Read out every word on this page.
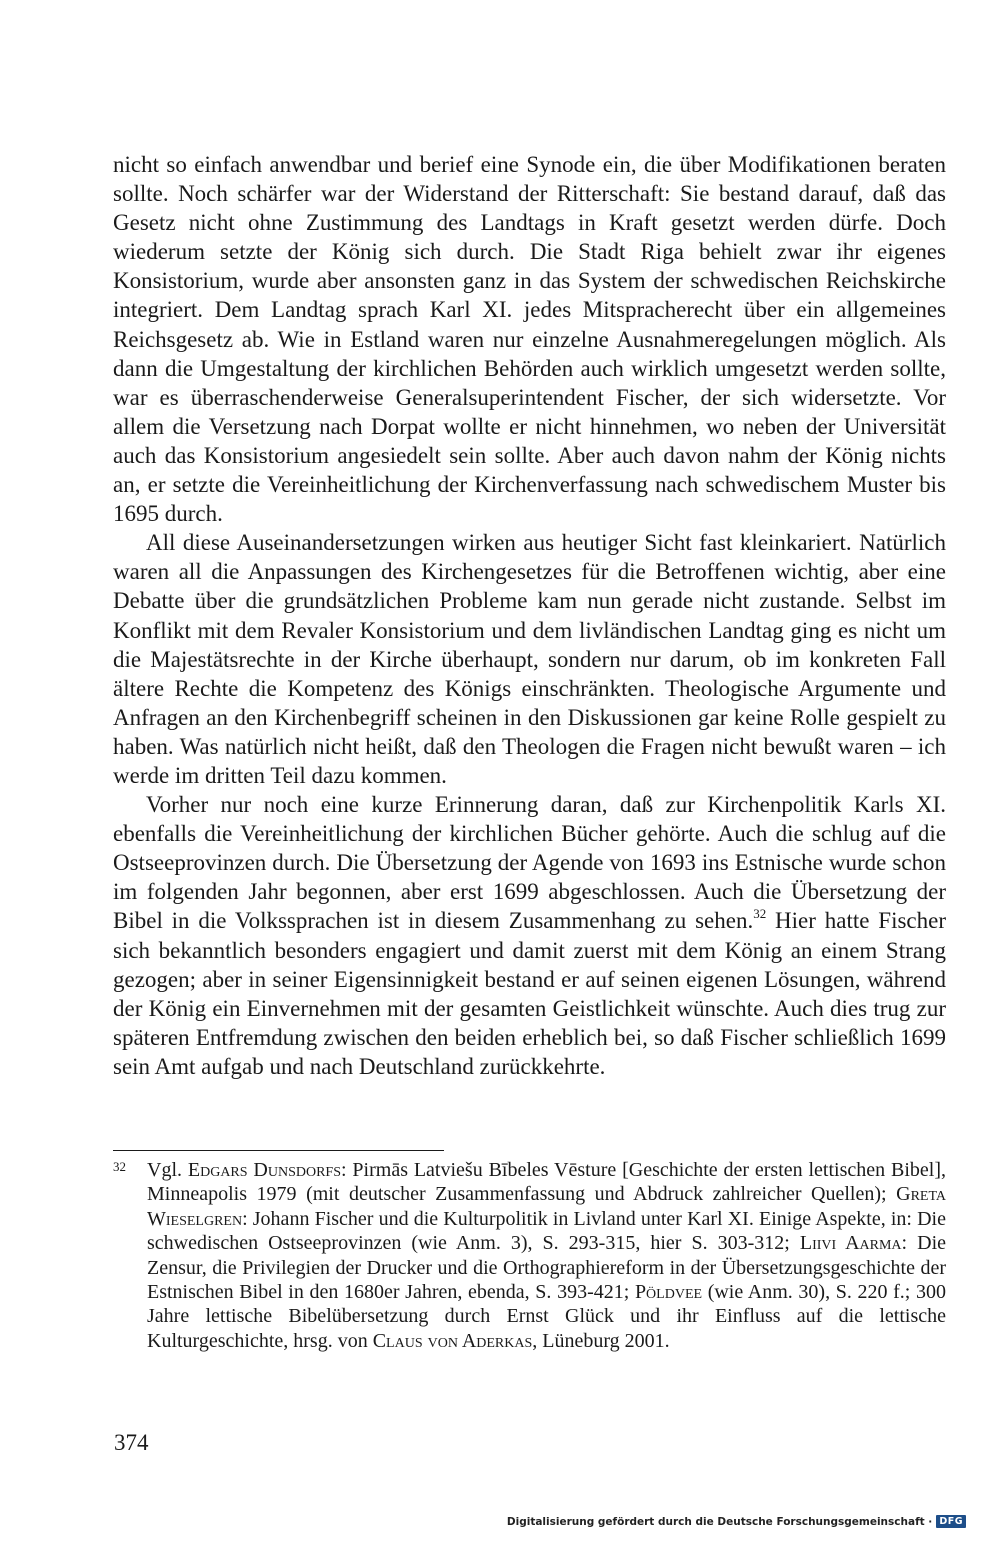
nicht so einfach anwendbar und berief eine Synode ein, die über Modifikationen beraten sollte. Noch schärfer war der Widerstand der Ritterschaft: Sie bestand darauf, daß das Gesetz nicht ohne Zustimmung des Landtags in Kraft gesetzt werden dürfe. Doch wiederum setzte der König sich durch. Die Stadt Riga behielt zwar ihr eigenes Konsistorium, wurde aber ansonsten ganz in das System der schwedischen Reichskirche integriert. Dem Landtag sprach Karl XI. jedes Mitspracherecht über ein allgemeines Reichsgesetz ab. Wie in Estland waren nur einzelne Ausnahmeregelungen möglich. Als dann die Umgestaltung der kirchlichen Behörden auch wirklich umgesetzt werden sollte, war es überraschenderweise Generalsuperintendent Fischer, der sich widersetzte. Vor allem die Versetzung nach Dorpat wollte er nicht hinnehmen, wo neben der Universität auch das Konsistorium angesiedelt sein sollte. Aber auch davon nahm der König nichts an, er setzte die Vereinheitlichung der Kirchenverfassung nach schwedischem Muster bis 1695 durch.

All diese Auseinandersetzungen wirken aus heutiger Sicht fast kleinkariert. Natürlich waren all die Anpassungen des Kirchengesetzes für die Betroffenen wichtig, aber eine Debatte über die grundsätzlichen Probleme kam nun gerade nicht zustande. Selbst im Konflikt mit dem Revaler Konsistorium und dem livländischen Landtag ging es nicht um die Majestätsrechte in der Kirche überhaupt, sondern nur darum, ob im konkreten Fall ältere Rechte die Kompetenz des Königs einschränkten. Theologische Argumente und Anfragen an den Kirchenbegriff scheinen in den Diskussionen gar keine Rolle gespielt zu haben. Was natürlich nicht heißt, daß den Theologen die Fragen nicht bewußt waren – ich werde im dritten Teil dazu kommen.

Vorher nur noch eine kurze Erinnerung daran, daß zur Kirchenpolitik Karls XI. ebenfalls die Vereinheitlichung der kirchlichen Bücher gehörte. Auch die schlug auf die Ostseeprovinzen durch. Die Übersetzung der Agende von 1693 ins Estnische wurde schon im folgenden Jahr begonnen, aber erst 1699 abgeschlossen. Auch die Übersetzung der Bibel in die Volkssprachen ist in diesem Zusammenhang zu sehen.$^{32}$ Hier hatte Fischer sich bekanntlich besonders engagiert und damit zuerst mit dem König an einem Strang gezogen; aber in seiner Eigensinnigkeit bestand er auf seinen eigenen Lösungen, während der König ein Einvernehmen mit der gesamten Geistlichkeit wünschte. Auch dies trug zur späteren Entfremdung zwischen den beiden erheblich bei, so daß Fischer schließlich 1699 sein Amt aufgab und nach Deutschland zurückkehrte.

32 Vgl. Edgars Dunsdorfs: Pirmās Latviešu Bībeles Vēsture [Geschichte der ersten lettischen Bibel], Minneapolis 1979 (mit deutscher Zusammenfassung und Abdruck zahlreicher Quellen); Greta Wieselgren: Johann Fischer und die Kulturpolitik in Livland unter Karl XI. Einige Aspekte, in: Die schwedischen Ostseeprovinzen (wie Anm. 3), S. 293-315, hier S. 303-312; Liivi Aarma: Die Zensur, die Privilegien der Drucker und die Orthographiereform in der Übersetzungsgeschichte der Estnischen Bibel in den 1680er Jahren, ebenda, S. 393-421; Pöldvee (wie Anm. 30), S. 220 f.; 300 Jahre lettische Bibelübersetzung durch Ernst Glück und ihr Einfluss auf die lettische Kulturgeschichte, hrsg. von Claus von Aderkas, Lüneburg 2001.
374
Digitalisierung gefördert durch die Deutsche Forschungsgemeinschaft · DFG
